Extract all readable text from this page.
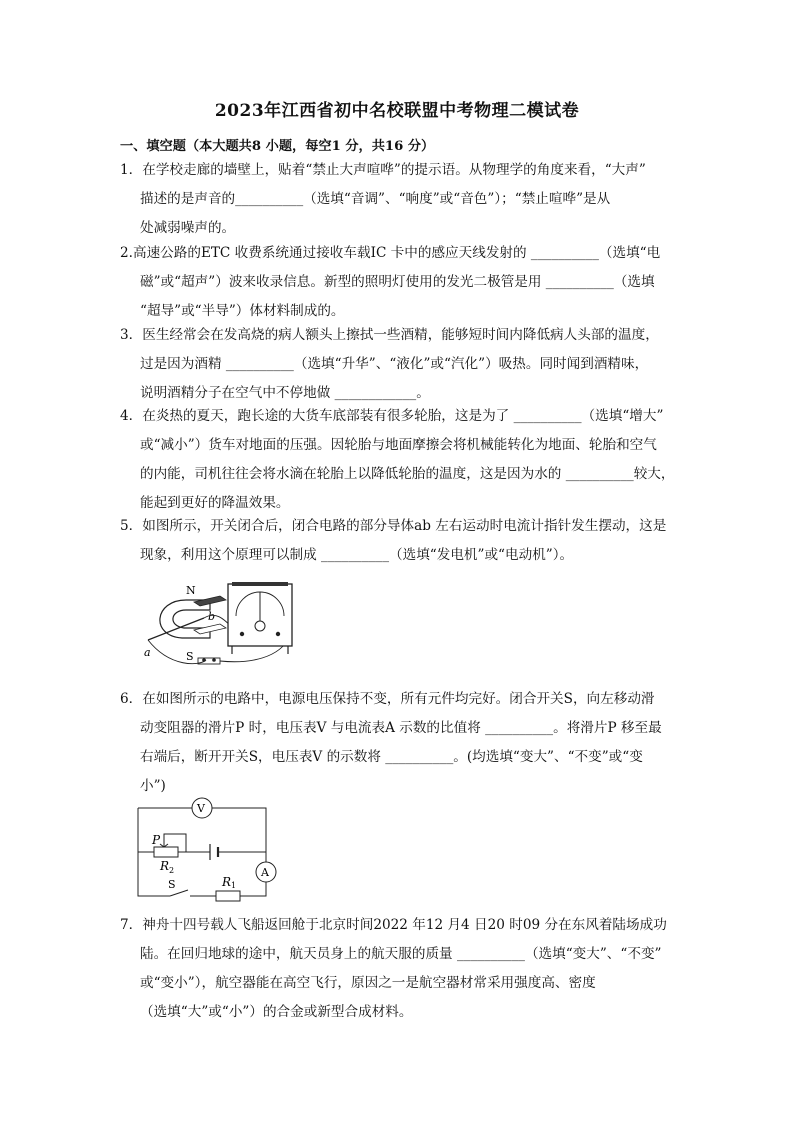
2023年江西省初中名校联盟中考物理二模试卷
一、填空题（本大题共8 小题，每空1 分，共16 分）
1．在学校走廊的墙壁上，贴着“禁止大声喧哗”的提示语。从物理学的角度来看，“大声”
描述的是声音的__________（选填“音调”、“响度”或“音色”）；“禁止喧哗”是从
处减弱噪声的。
2.高速公路的ETC 收费系统通过接收车载IC 卡中的感应天线发射的 __________（选填“电
磁”或“超声”）波来收录信息。新型的照明灯使用的发光二极管是用 __________（选填
“超导”或“半导”）体材料制成的。
3．医生经常会在发高烧的病人额头上擦拭一些酒精，能够短时间内降低病人头部的温度，
过是因为酒精 __________（选填“升华”、“液化”或“汽化”）吸热。同时闻到酒精味，
说明酒精分子在空气中不停地做 ____________。
4．在炎热的夏天，跑长途的大货车底部装有很多轮胎，这是为了 __________（选填“增大”
或“减小”）货车对地面的压强。因轮胎与地面摩擦会将机械能转化为地面、轮胎和空气
的内能，司机往往会将水滴在轮胎上以降低轮胎的温度，这是因为水的 __________较大，
能起到更好的降温效果。
5．如图所示，开关闭合后，闭合电路的部分导体ab 左右运动时电流计指针发生摆动，这是
现象，利用这个原理可以制成 __________（选填“发电机”或“电动机”）。
N
S
a
b
6．在如图所示的电路中，电源电压保持不变，所有元件均完好。闭合开关S，向左移动滑
动变阻器的滑片P 时，电压表V 与电流表A 示数的比值将 __________。将滑片P 移至最
右端后，断开开关S，电压表V 的示数将 __________。(均选填“变大”、“不变”或“变
小”)
V
P
R 2	A
S	R 1
7．神舟十四号载人飞船返回舱于北京时间2022 年12 月4 日20 时09 分在东风着陆场成功
陆。在回归地球的途中，航天员身上的航天服的质量 __________（选填“变大”、“不变”
或“变小”），航空器能在高空飞行，原因之一是航空器材常采用强度高、密度
（选填“大”或“小”）的合金或新型合成材料。
